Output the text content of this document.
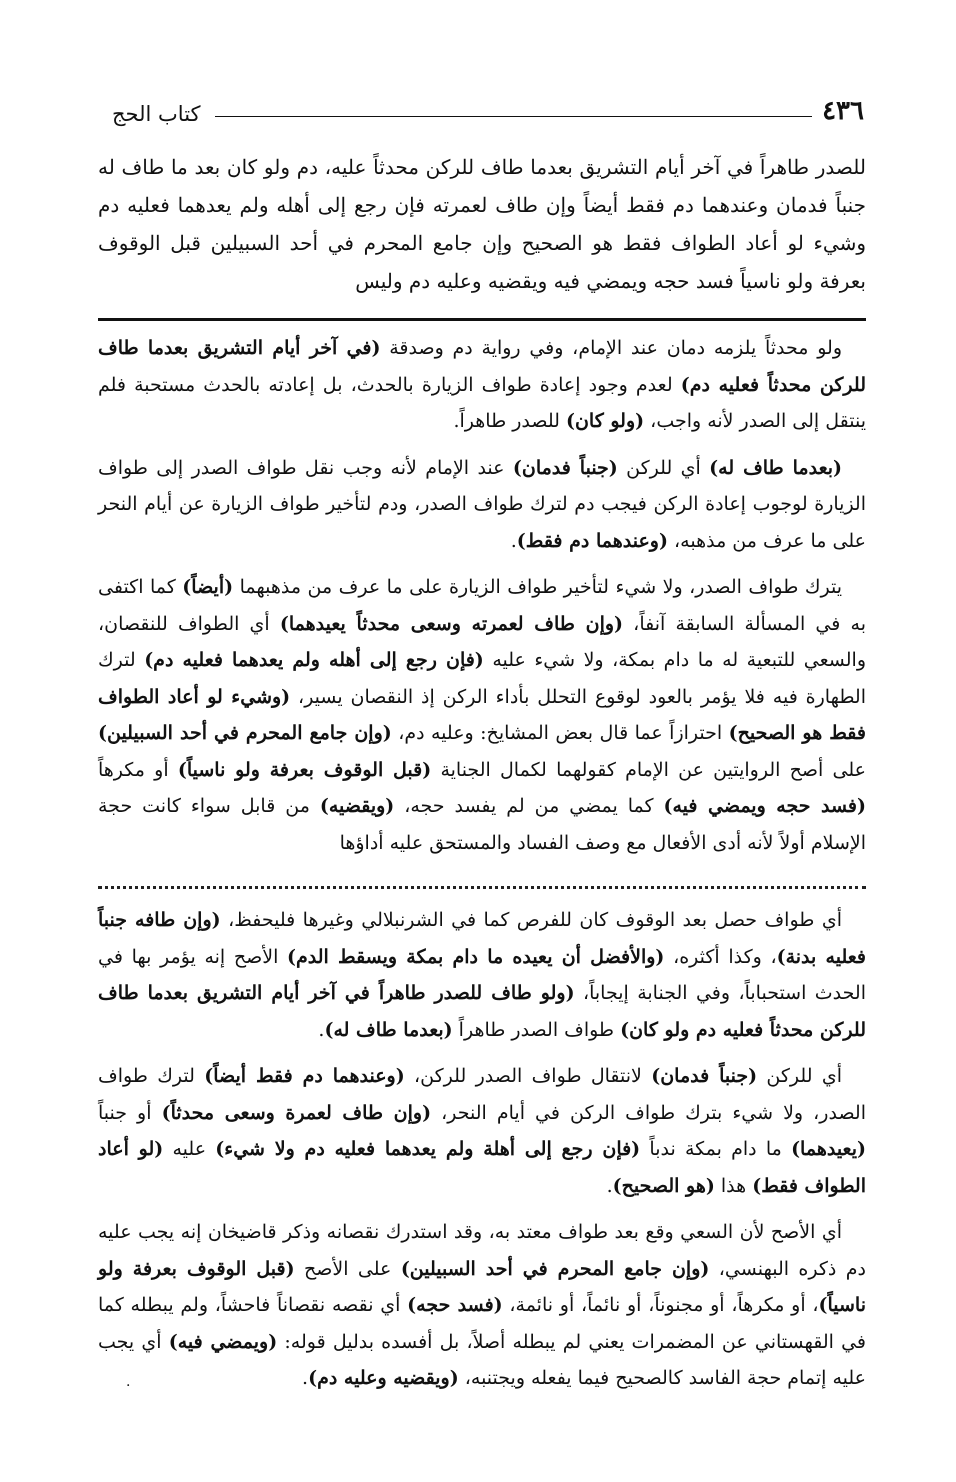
٤٣٦
كتاب الحج
للصدر طاهراً في آخر أيام التشريق بعدما طاف للركن محدثاً عليه، دم ولو كان بعد ما طاف له جنباً فدمان وعندهما دم فقط أيضاً وإن طاف لعمرته فإن رجع إلى أهله ولم يعدهما فعليه دم وشيء لو أعاد الطواف فقط هو الصحيح وإن جامع المحرم في أحد السبيلين قبل الوقوف بعرفة ولو ناسياً فسد حجه ويمضي فيه ويقضيه وعليه دم وليس

ولو محدثاً يلزمه دمان عند الإمام، وفي رواية دم وصدقة (في آخر أيام التشريق بعدما طاف للركن محدثاً فعليه دم) لعدم وجود إعادة طواف الزيارة بالحدث، بل إعادته بالحدث مستحبة فلم ينتقل إلى الصدر لأنه واجب، (ولو كان) للصدر طاهراً.

(بعدما طاف له) أي للركن (جنباً فدمان) عند الإمام لأنه وجب نقل طواف الصدر إلى طواف الزيارة لوجوب إعادة الركن فيجب دم لترك طواف الصدر، ودم لتأخير طواف الزيارة عن أيام النحر على ما عرف من مذهبه، (وعندهما دم فقط).

يترك طواف الصدر، ولا شيء لتأخير طواف الزيارة على ما عرف من مذهبهما (أيضاً) كما اكتفى به في المسألة السابقة آنفاً، (وإن طاف لعمرته وسعى محدثاً يعيدهما) أي الطواف للنقصان، والسعي للتبعية له ما دام بمكة، ولا شيء عليه (فإن رجع إلى أهله ولم يعدهما فعليه دم) لترك الطهارة فيه فلا يؤمر بالعود لوقوع التحلل بأداء الركن إذ النقصان يسير، (وشيء لو أعاد الطواف فقط هو الصحيح) احترازاً عما قال بعض المشايخ: وعليه دم، (وإن جامع المحرم في أحد السبيلين) على أصح الروايتين عن الإمام كقولهما لكمال الجناية (قبل الوقوف بعرفة ولو ناسياً) أو مكرهاً (فسد حجه ويمضي فيه) كما يمضي من لم يفسد حجه، (ويقضيه) من قابل سواء كانت حجة الإسلام أولاً لأنه أدى الأفعال مع وصف الفساد والمستحق عليه أداؤها

أي طواف حصل بعد الوقوف كان للفرص كما في الشرنبلالي وغيرها فليحفظ، (وإن طافه جنباً فعليه بدنة)، وكذا أكثره، (والأفضل أن يعيده ما دام بمكة ويسقط الدم) الأصح إنه يؤمر بها في الحدث استحباباً، وفي الجنابة إيجاباً، (ولو طاف للصدر طاهراً في آخر أيام التشريق بعدما طاف للركن محدثاً فعليه دم ولو كان) طواف الصدر طاهراً (بعدما طاف له).

أي للركن (جنباً فدمان) لانتقال طواف الصدر للركن، (وعندهما دم فقط أيضاً) لترك طواف الصدر، ولا شيء بترك طواف الركن في أيام النحر، (وإن طاف لعمرة وسعى محدثاً) أو جنباً (يعيدهما) ما دام بمكة ندباً (فإن رجع إلى أهلة ولم يعدهما فعليه دم ولا شيء) عليه (لو أعاد الطواف فقط) هذا (هو الصحيح).

أي الأصح لأن السعي وقع بعد طواف معتد به، وقد استدرك نقصانه وذكر قاضيخان إنه يجب عليه دم ذكره البهنسي، (وإن جامع المحرم في أحد السبيلين) على الأصح (قبل الوقوف بعرفة ولو ناسياً)، أو مكرهاً، أو مجنوناً، أو نائماً، أو نائمة، (فسد حجه) أي نقصه نقصاناً فاحشاً، ولم يبطله كما في القهستاني عن المضمرات يعني لم يبطله أصلاً، بل أفسده بدليل قوله: (ويمضي فيه) أي يجب عليه إتمام حجة الفاسد كالصحيح فيما يفعله ويجتنبه، (ويقضيه وعليه دم).

·
